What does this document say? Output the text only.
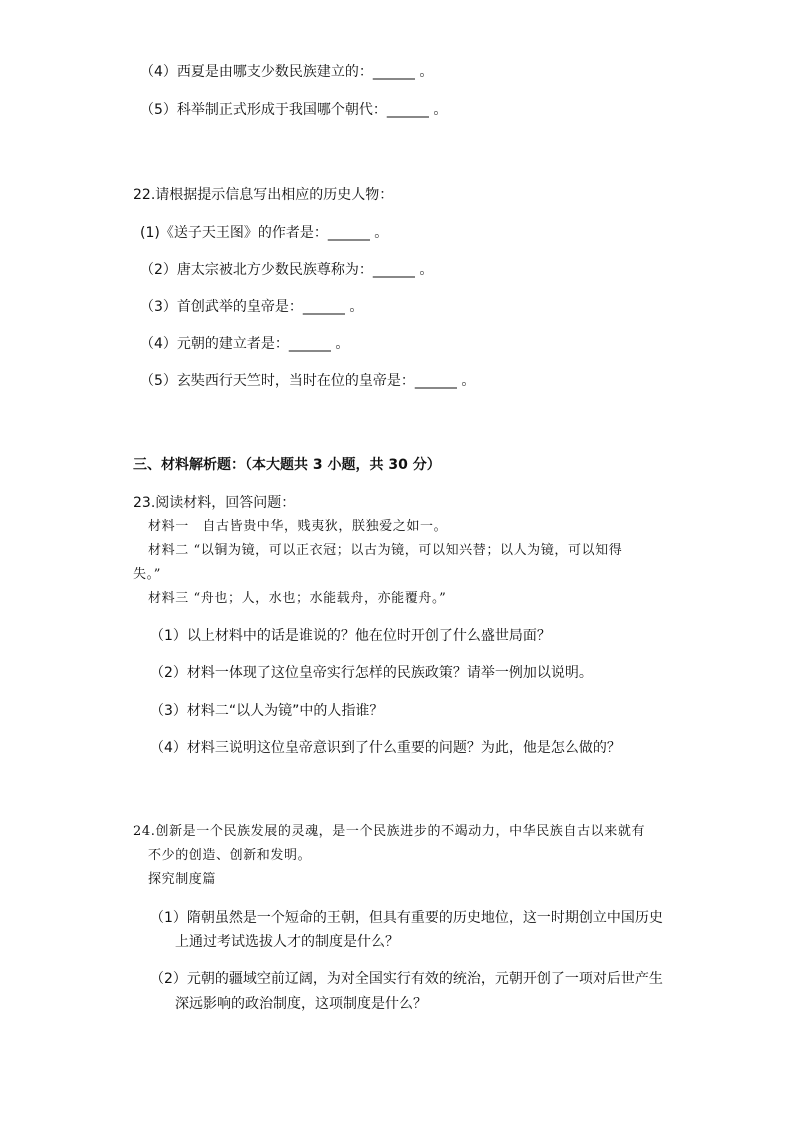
（4）西夏是由哪支少数民族建立的：______ 。
（5）科举制正式形成于我国哪个朝代：______ 。
22.请根据提示信息写出相应的历史人物：
(1)《送子天王图》的作者是：______ 。
（2）唐太宗被北方少数民族尊称为：______ 。
（3）首创武举的皇帝是：______ 。
（4）元朝的建立者是：______ 。
（5）玄奘西行天竺时，当时在位的皇帝是：______ 。
三、材料解析题：（本大题共 3 小题，共 30 分）
23.阅读材料，回答问题：
材料一　自古皆贵中华，贱夷狄，朕独爱之如一。
材料二 “以铜为镜，可以正衣冠；以古为镜，可以知兴替；以人为镜，可以知得
失。”
材料三 “舟也；人，水也；水能载舟，亦能覆舟。”
（1）以上材料中的话是谁说的？他在位时开创了什么盛世局面？
（2）材料一体现了这位皇帝实行怎样的民族政策？请举一例加以说明。
（3）材料二“以人为镜”中的人指谁？
（4）材料三说明这位皇帝意识到了什么重要的问题？为此，他是怎么做的？
24.创新是一个民族发展的灵魂，是一个民族进步的不竭动力，中华民族自古以来就有
不少的创造、创新和发明。
探究制度篇
（1）隋朝虽然是一个短命的王朝，但具有重要的历史地位，这一时期创立中国历史
上通过考试选拔人才的制度是什么？
（2）元朝的疆域空前辽阔，为对全国实行有效的统治，元朝开创了一项对后世产生
深远影响的政治制度，这项制度是什么？
